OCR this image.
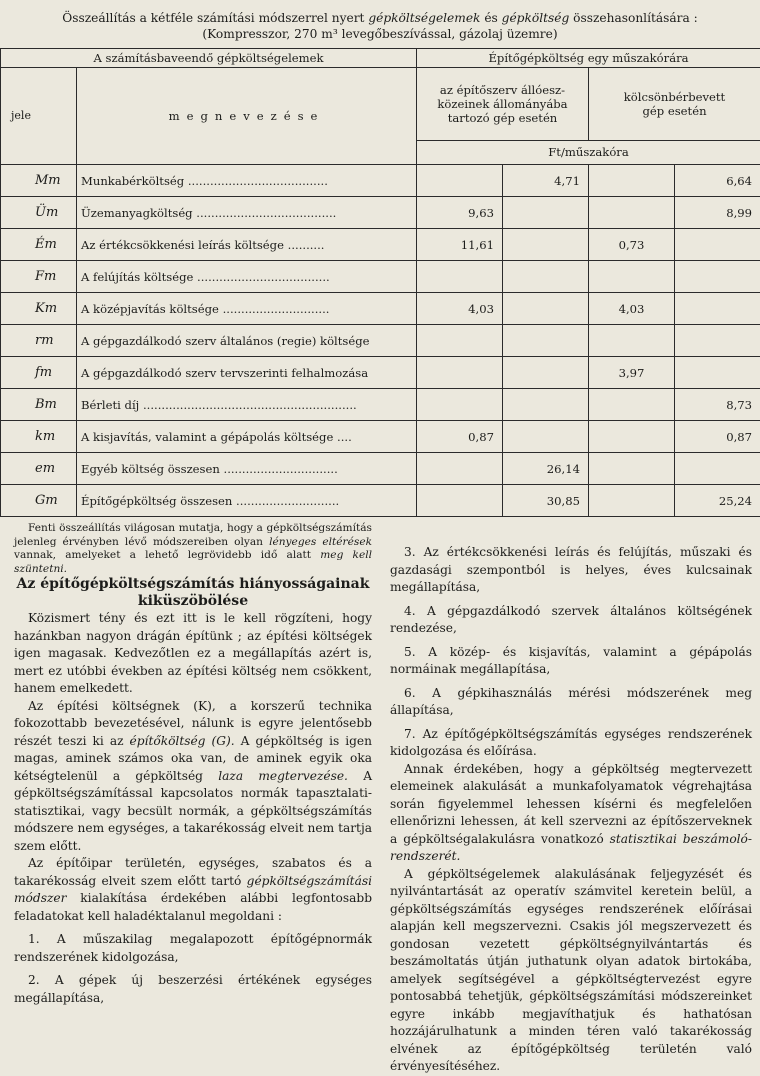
Összeállítás a kétféle számítási módszerrel nyert gépköltségelemek és gépköltség összehasonlítására :
(Kompresszor, 270 m³ levegőbeszívással, gázolaj üzemre)
A számításbaveendő gépköltségelemek		Építőgépköltség egy műszakórára			

jele	megnevezése	az építőszerv állóesz-
közeinek állományába
tartozó gép esetén		kölcsönbérbevett
gép esetén	
		Ft/műszakóra			
Mm	Munkabérköltség ......................................		4,71		6,64
Üm	Üzemanyagköltség ......................................	9,63			8,99
Ém	Az értékcsökkenési leírás költsége ..........	11,61		0,73	
Fm	A felújítás költsége ....................................				
Km	A középjavítás költsége .............................	4,03		4,03	
rm	A gépgazdálkodó szerv általános (regie) költsége				
fm	A gépgazdálkodó szerv tervszerinti felhalmozása			3,97	
Bm	Bérleti díj ..........................................................				8,73
km	A kisjavítás, valamint a gépápolás költsége ....	0,87			0,87
em	Egyéb költség összesen ...............................		26,14		
Gm	Építőgépköltség összesen ............................		30,85		25,24

Fenti összeállítás világosan mutatja, hogy a gépköltségszámítás jelenleg érvényben lévő módszereiben olyan lényeges eltérések vannak, amelyeket a lehető legrövidebb idő alatt meg kell szüntetni.

Az építőgépköltségszámítás hiányosságainak kiküszöbölése

Közismert tény és ezt itt is le kell rögzíteni, hogy hazánkban nagyon drágán építünk ; az építési költségek igen magasak. Kedvezőtlen ez a megállapítás azért is, mert ez utóbbi években az építési költség nem csökkent, hanem emelkedett.

Az építési költségnek (K), a korszerű technika fokozottabb bevezetésével, nálunk is egyre jelentősebb részét teszi ki az építőköltség (G). A gépköltség is igen magas, aminek számos oka van, de aminek egyik oka kétségtelenül a gépköltség laza megtervezése. A gépköltségszámítással kapcsolatos normák tapasztalati-statisztikai, vagy becsült normák, a gépköltségszámítás módszere nem egységes, a takarékosság elveit nem tartja szem előtt.

Az építőipar területén, egységes, szabatos és a takarékosság elveit szem előtt tartó gépköltségszámítási módszer kialakítása érdekében alábbi legfontosabb feladatokat kell haladéktalanul megoldani :

1. A műszakilag megalapozott építőgépnormák rendszerének kidolgozása,

2. A gépek új beszerzési értékének egységes megállapítása,

3. Az értékcsökkenési leírás és felújítás, műszaki és gazdasági szempontból is helyes, éves kulcsainak megállapítása,

4. A gépgazdálkodó szervek általános költségének rendezése,

5. A közép- és kisjavítás, valamint a gépápolás normáinak megállapítása,

6. A gépkihasználás mérési módszerének meg állapítása,

7. Az építőgépköltségszámítás egységes rendszerének kidolgozása és előírása.

Annak érdekében, hogy a gépköltség megtervezett elemeinek alakulását a munkafolyamatok végrehajtása során figyelemmel lehessen kísérni és megfelelően ellenőrizni lehessen, át kell szervezni az építőszerveknek a gépköltségalakulásra vonatkozó statisztikai beszámoló-rendszerét.

A gépköltségelemek alakulásának feljegyzését és nyilvántartását az operatív számvitel keretein belül, a gépköltségszámítás egységes rendszerének előírásai alapján kell megszervezni. Csakis jól megszervezett és gondosan vezetett gépköltségnyilvántartás és beszámoltatás útján juthatunk olyan adatok birtokába, amelyek segítségével a gépköltségtervezést egyre pontosabbá tehetjük, gépköltségszámítási módszereinket egyre inkább megjavíthatjuk és hathatósan hozzájárulhatunk a minden téren való takarékosság elvének az építőgépköltség területén való érvényesítéséhez.
